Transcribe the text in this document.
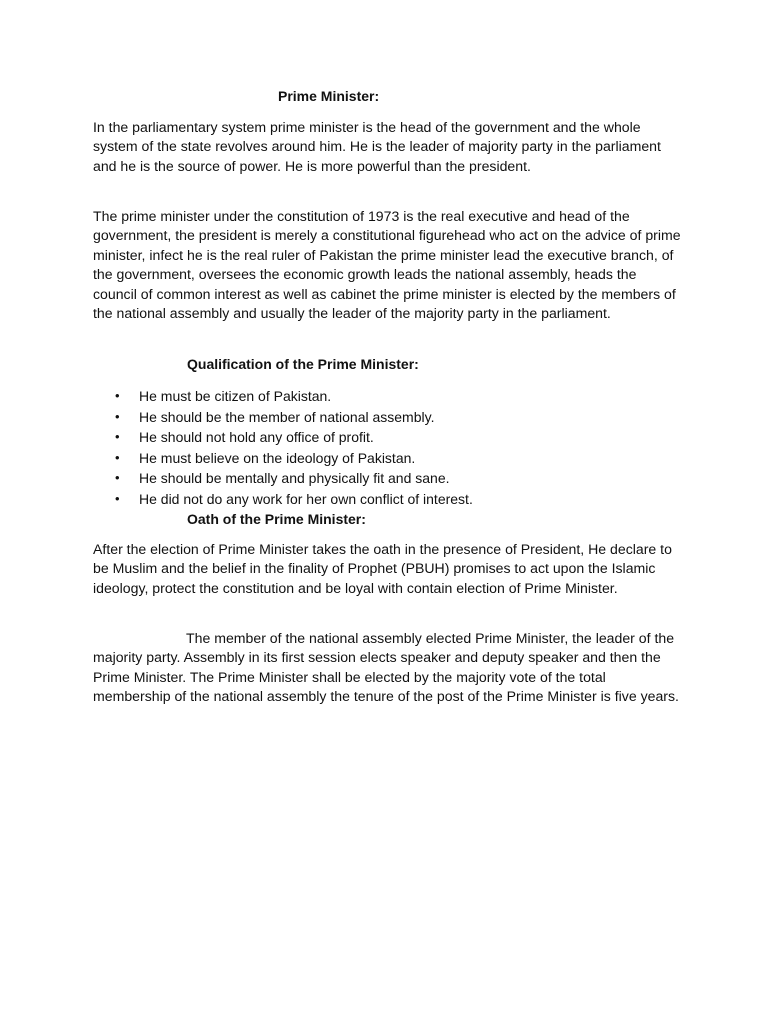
Prime Minister:

In the parliamentary system prime minister is the head of the government and the whole system of the state revolves around him. He is the leader of majority party in the parliament and he is the source of power. He is more powerful than the president.

The prime minister under the constitution of 1973 is the real executive and head of the government, the president is merely a constitutional figurehead who act on the advice of prime minister, infect he is the real ruler of Pakistan the prime minister lead the executive branch, of the government, oversees the economic growth leads the national assembly, heads the council of common interest as well as cabinet the prime minister is elected by the members of the national assembly and usually the leader of the majority party in the parliament.

Qualification of the Prime Minister:
• He must be citizen of Pakistan.
• He should be the member of national assembly.
• He should not hold any office of profit.
• He must believe on the ideology of Pakistan.
• He should be mentally and physically fit and sane.
• He did not do any work for her own conflict of interest.
Oath of the Prime Minister:

After the election of Prime Minister takes the oath in the presence of President, He declare to be Muslim and the belief in the finality of Prophet (PBUH) promises to act upon the Islamic ideology, protect the constitution and be loyal with contain election of Prime Minister.

The member of the national assembly elected Prime Minister, the leader of the majority party. Assembly in its first session elects speaker and deputy speaker and then the Prime Minister. The Prime Minister shall be elected by the majority vote of the total membership of the national assembly the tenure of the post of the Prime Minister is five years.
